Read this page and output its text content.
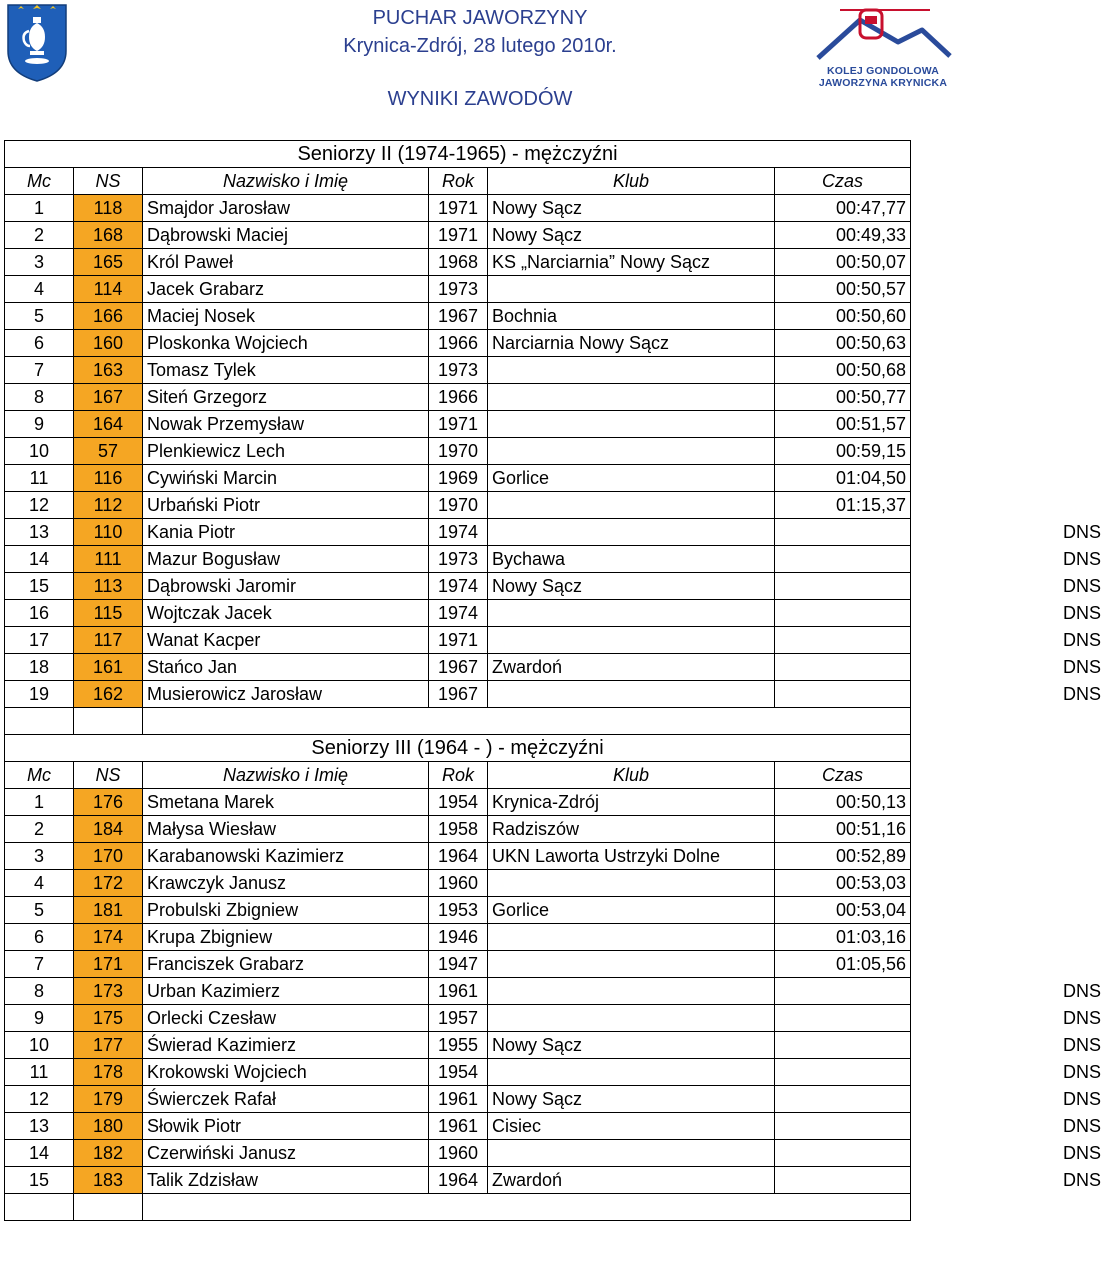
PUCHAR JAWORZYNY
Krynica-Zdrój, 28 lutego 2010r.
WYNIKI ZAWODÓW
KOLEJ GONDOLOWA
JAWORZYNA KRYNICKA
Seniorzy II (1974-1965) - mężczyźni					
Mc	NS	Nazwisko i Imię	Rok	Klub	Czas
1	118	Smajdor Jarosław	1971	Nowy Sącz	00:47,77
2	168	Dąbrowski Maciej	1971	Nowy Sącz	00:49,33
3	165	Król Paweł	1968	KS „Narciarnia” Nowy Sącz	00:50,07
4	114	Jacek Grabarz	1973		00:50,57
5	166	Maciej Nosek	1967	Bochnia	00:50,60
6	160	Ploskonka Wojciech	1966	Narciarnia Nowy Sącz	00:50,63
7	163	Tomasz Tylek	1973		00:50,68
8	167	Siteń Grzegorz	1966		00:50,77
9	164	Nowak Przemysław	1971		00:51,57
10	57	Plenkiewicz Lech	1970		00:59,15
11	116	Cywiński Marcin	1969	Gorlice	01:04,50
12	112	Urbański Piotr	1970		01:15,37
13	110	Kania Piotr	1974		DNS
14	111	Mazur Bogusław	1973	Bychawa	DNS
15	113	Dąbrowski Jaromir	1974	Nowy Sącz	DNS
16	115	Wojtczak Jacek	1974		DNS
17	117	Wanat Kacper	1971		DNS
18	161	Stańco Jan	1967	Zwardoń	DNS
19	162	Musierowicz Jarosław	1967		DNS

Seniorzy III (1964 - ) - mężczyźni					
Mc	NS	Nazwisko i Imię	Rok	Klub	Czas
1	176	Smetana Marek	1954	Krynica-Zdrój	00:50,13
2	184	Małysa Wiesław	1958	Radziszów	00:51,16
3	170	Karabanowski Kazimierz	1964	UKN Laworta Ustrzyki Dolne	00:52,89
4	172	Krawczyk Janusz	1960		00:53,03
5	181	Probulski Zbigniew	1953	Gorlice	00:53,04
6	174	Krupa Zbigniew	1946		01:03,16
7	171	Franciszek Grabarz	1947		01:05,56
8	173	Urban Kazimierz	1961		DNS
9	175	Orlecki Czesław	1957		DNS
10	177	Świerad Kazimierz	1955	Nowy Sącz	DNS
11	178	Krokowski Wojciech	1954		DNS
12	179	Świerczek Rafał	1961	Nowy Sącz	DNS
13	180	Słowik Piotr	1961	Cisiec	DNS
14	182	Czerwiński Janusz	1960		DNS
15	183	Talik Zdzisław	1964	Zwardoń	DNS
